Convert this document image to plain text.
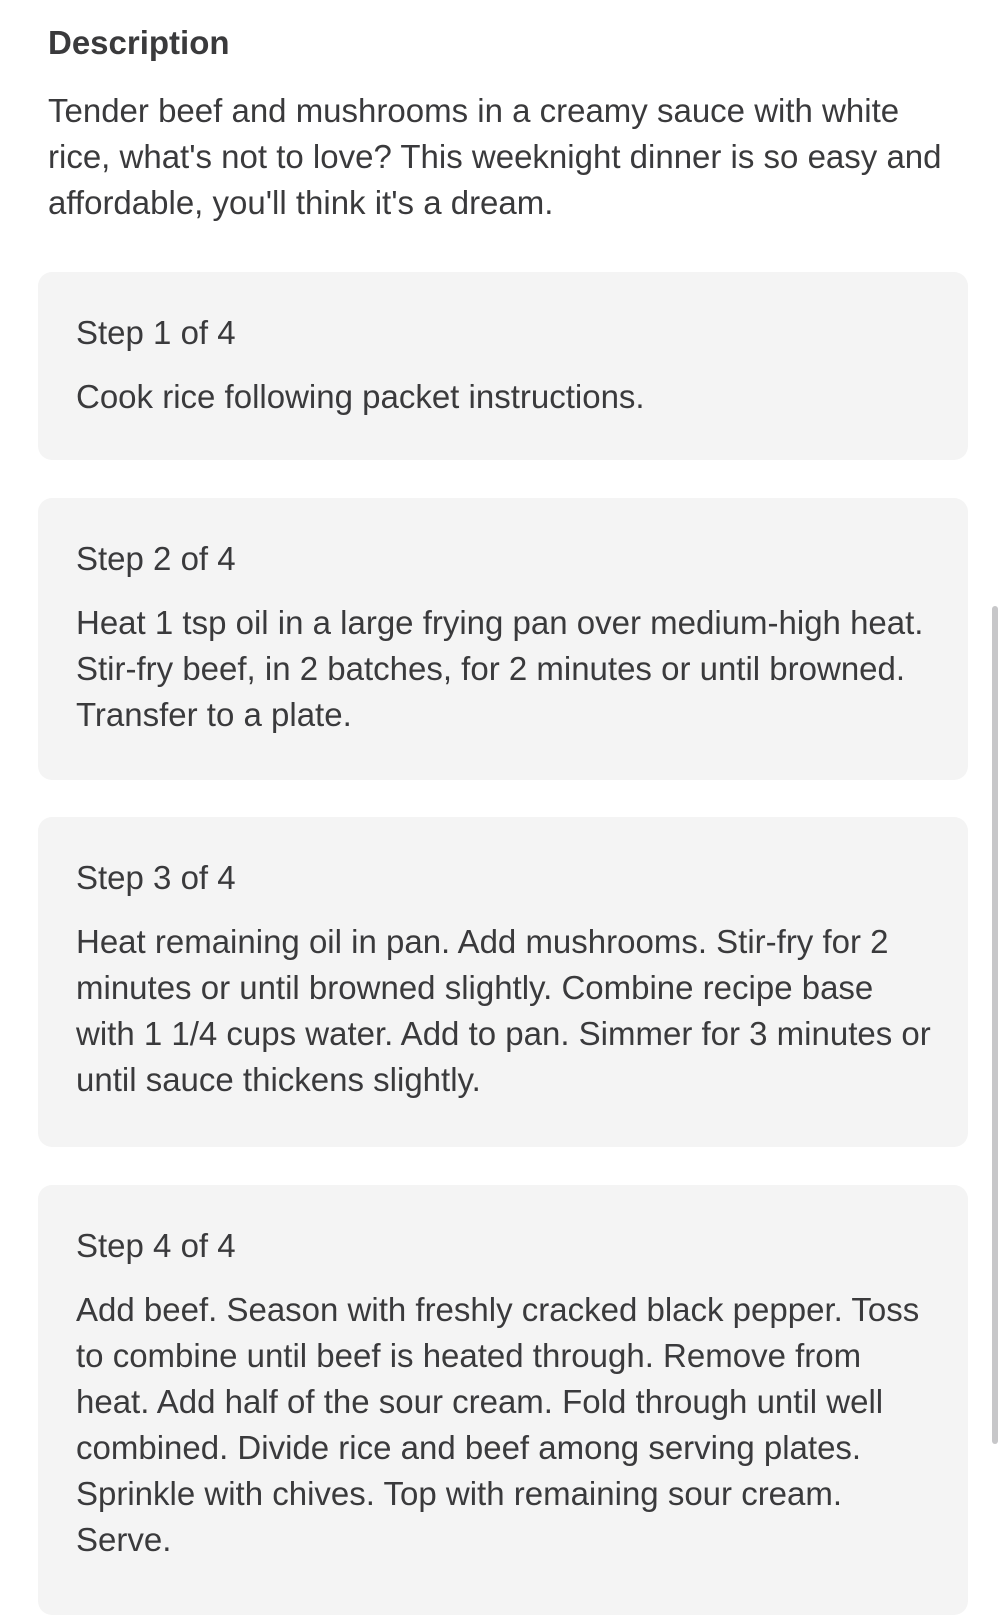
Description

Tender beef and mushrooms in a creamy sauce with white rice, what's not to love? This weeknight dinner is so easy and affordable, you'll think it's a dream.

Step 1 of 4

Cook rice following packet instructions.

Step 2 of 4

Heat 1 tsp oil in a large frying pan over medium-high heat. Stir-fry beef, in 2 batches, for 2 minutes or until browned. Transfer to a plate.

Step 3 of 4

Heat remaining oil in pan. Add mushrooms. Stir-fry for 2 minutes or until browned slightly. Combine recipe base with 1 1/4 cups water. Add to pan. Simmer for 3 minutes or until sauce thickens slightly.

Step 4 of 4

Add beef. Season with freshly cracked black pepper. Toss to combine until beef is heated through. Remove from heat. Add half of the sour cream. Fold through until well combined. Divide rice and beef among serving plates. Sprinkle with chives. Top with remaining sour cream. Serve.
